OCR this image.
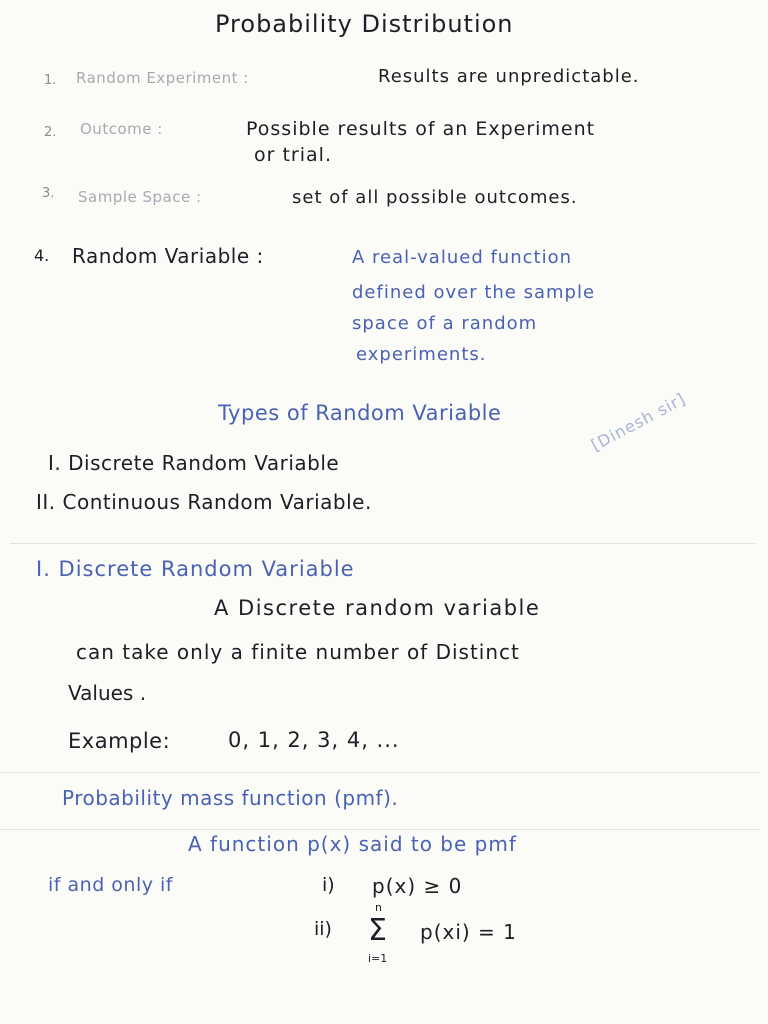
Probability Distribution
1. Random Experiment :	Results are unpredictable.
2. Outcome :	Possible results of an Experiment
or trial.
3. Sample Space :	set of all possible outcomes.
4. Random Variable :	A real-valued function
defined over the sample
space of a random
experiments.
Types of Random Variable
I. Discrete Random Variable
II. Continuous Random Variable.
[Dinesh sir]
I. Discrete Random Variable
A Discrete random variable
can take only a finite number of Distinct
Values .
Example:	0, 1, 2, 3, 4, ...
Probability mass function (pmf).
A function p(x) said to be pmf
if and only if	i) p(x) ≥ 0
ii)
n
Σ
i=1
p(xi) = 1
